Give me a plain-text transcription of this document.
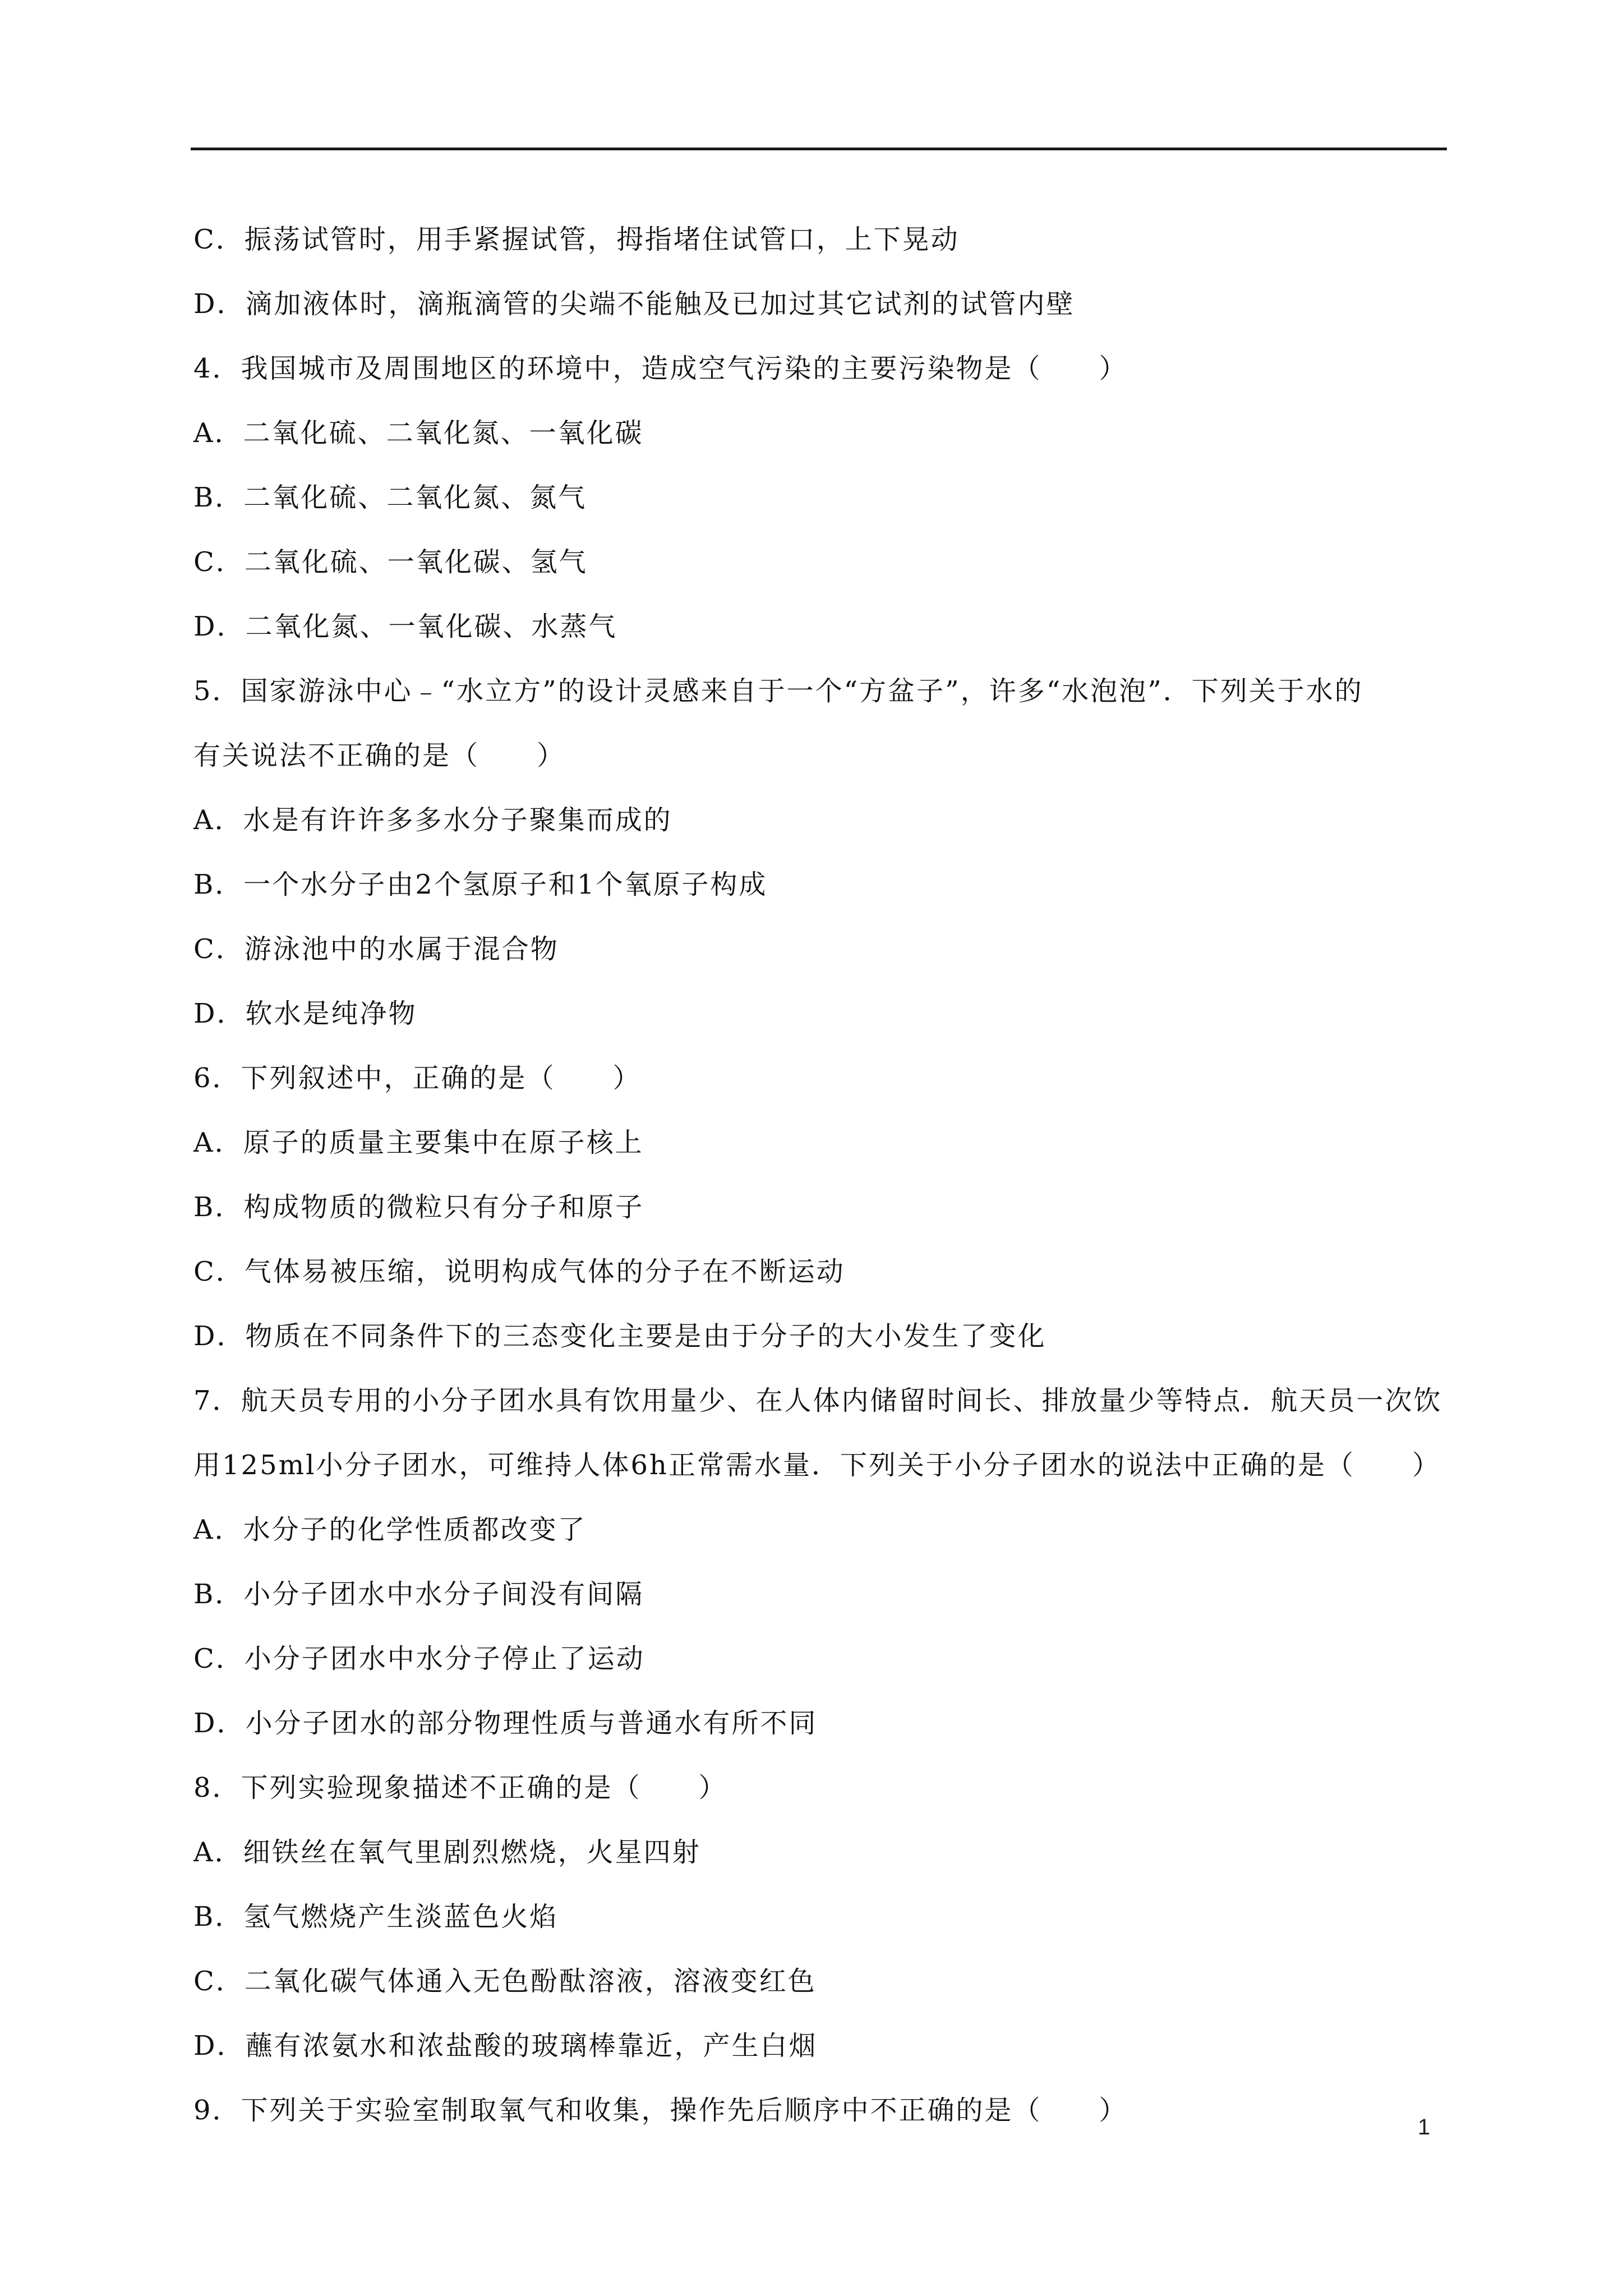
C．振荡试管时，用手紧握试管，拇指堵住试管口，上下晃动
D．滴加液体时，滴瓶滴管的尖端不能触及已加过其它试剂的试管内壁
4．我国城市及周围地区的环境中，造成空气污染的主要污染物是（　　）
A．二氧化硫、二氧化氮、一氧化碳
B．二氧化硫、二氧化氮、氮气
C．二氧化硫、一氧化碳、氢气
D．二氧化氮、一氧化碳、水蒸气
5．国家游泳中心﹣“水立方”的设计灵感来自于一个“方盆子”，许多“水泡泡”．下列关于水的
有关说法不正确的是（　　）
A．水是有许许多多水分子聚集而成的
B．一个水分子由2个氢原子和1个氧原子构成
C．游泳池中的水属于混合物
D．软水是纯净物
6．下列叙述中，正确的是（　　）
A．原子的质量主要集中在原子核上
B．构成物质的微粒只有分子和原子
C．气体易被压缩，说明构成气体的分子在不断运动
D．物质在不同条件下的三态变化主要是由于分子的大小发生了变化
7．航天员专用的小分子团水具有饮用量少、在人体内储留时间长、排放量少等特点．航天员一次饮
用125ml小分子团水，可维持人体6h正常需水量．下列关于小分子团水的说法中正确的是（　　）
A．水分子的化学性质都改变了
B．小分子团水中水分子间没有间隔
C．小分子团水中水分子停止了运动
D．小分子团水的部分物理性质与普通水有所不同
8．下列实验现象描述不正确的是（　　）
A．细铁丝在氧气里剧烈燃烧，火星四射
B．氢气燃烧产生淡蓝色火焰
C．二氧化碳气体通入无色酚酞溶液，溶液变红色
D．蘸有浓氨水和浓盐酸的玻璃棒靠近，产生白烟
9．下列关于实验室制取氧气和收集，操作先后顺序中不正确的是（　　）
1
